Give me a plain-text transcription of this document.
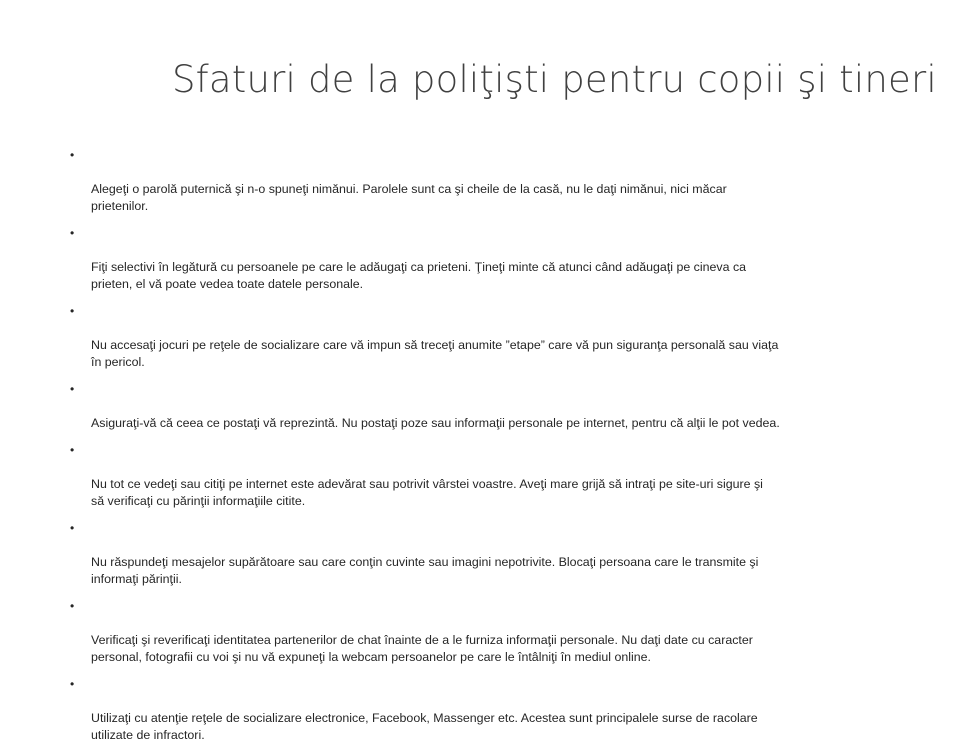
Sfaturi de la poliţişti pentru copii şi tineri

•

Alegeţi o parolă puternică şi n-o spuneţi nimănui. Parolele sunt ca şi cheile de la casă, nu le daţi nimănui, nici măcar
prietenilor.

•

Fiţi selectivi în legătură cu persoanele pe care le adăugaţi ca prieteni. Ţineţi minte că atunci când adăugaţi pe cineva ca
prieten, el vă poate vedea toate datele personale.

•

Nu accesaţi jocuri pe reţele de socializare care vă impun să treceţi anumite ”etape” care vă pun siguranţa personală sau viaţa
în pericol.

•

Asiguraţi-vă că ceea ce postaţi vă reprezintă. Nu postaţi poze sau informaţii personale pe internet, pentru că alţii le pot vedea.

•

Nu tot ce vedeţi sau citiţi pe internet este adevărat sau potrivit vârstei voastre. Aveţi mare grijă să intraţi pe site-uri sigure şi
să verificaţi cu părinţii informaţiile citite.

•

Nu răspundeţi mesajelor supărătoare sau care conţin cuvinte sau imagini nepotrivite. Blocaţi persoana care le transmite şi
informaţi părinţii.

•

Verificaţi şi reverificaţi identitatea partenerilor de chat înainte de a le furniza informaţii personale. Nu daţi date cu caracter
personal, fotografii cu voi şi nu vă expuneţi la webcam persoanelor pe care le întâlniţi în mediul online.

•

Utilizaţi cu atenţie reţele de socializare electronice, Facebook, Massenger etc. Acestea sunt principalele surse de racolare
utilizate de infractori.
